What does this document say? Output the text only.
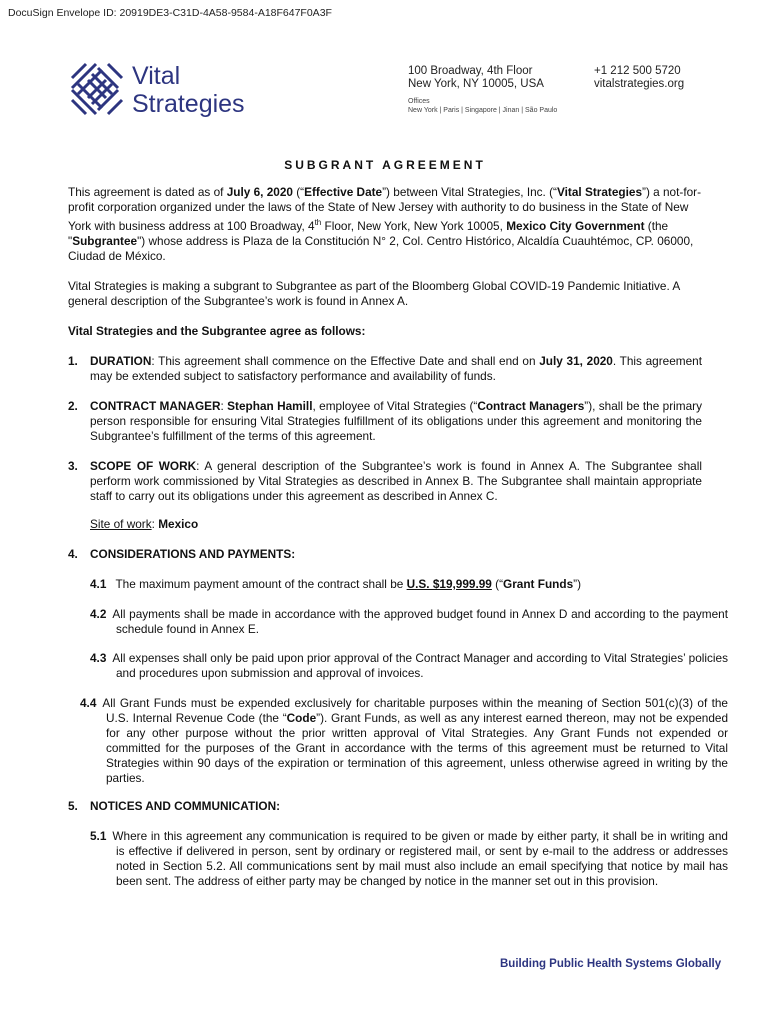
DocuSign Envelope ID: 20919DE3-C31D-4A58-9584-A18F647F0A3F
Vital
Strategies
100 Broadway, 4th Floor
New York, NY 10005, USA
+1 212 500 5720
vitalstrategies.org
Offices
New York | Paris | Singapore | Jinan | São Paulo
SUBGRANT AGREEMENT

This agreement is dated as of July 6, 2020 (“Effective Date”) between Vital Strategies, Inc. (“Vital Strategies”) a not-for-profit corporation organized under the laws of the State of New Jersey with authority to do business in the State of New York with business address at 100 Broadway, 4th Floor, New York, New York 10005, Mexico City Government (the "Subgrantee") whose address is Plaza de la Constitución N° 2, Col. Centro Histórico, Alcaldía Cuauhtémoc, CP. 06000, Ciudad de México.

Vital Strategies is making a subgrant to Subgrantee as part of the Bloomberg Global COVID-19 Pandemic Initiative. A general description of the Subgrantee’s work is found in Annex A.
Vital Strategies and the Subgrantee agree as follows:
1. DURATION: This agreement shall commence on the Effective Date and shall end on July 31, 2020. This agreement may be extended subject to satisfactory performance and availability of funds.
2. CONTRACT MANAGER: Stephan Hamill, employee of Vital Strategies (“Contract Managers”), shall be the primary person responsible for ensuring Vital Strategies fulfillment of its obligations under this agreement and monitoring the Subgrantee’s fulfillment of the terms of this agreement.
3. SCOPE OF WORK: A general description of the Subgrantee’s work is found in Annex A. The Subgrantee shall perform work commissioned by Vital Strategies as described in Annex B. The Subgrantee shall maintain appropriate staff to carry out its obligations under this agreement as described in Annex C.
Site of work: Mexico
4. CONSIDERATIONS AND PAYMENTS:
4.1 The maximum payment amount of the contract shall be U.S. $19,999.99 (“Grant Funds”)
4.2 All payments shall be made in accordance with the approved budget found in Annex D and according to the payment schedule found in Annex E.
4.3 All expenses shall only be paid upon prior approval of the Contract Manager and according to Vital Strategies’ policies and procedures upon submission and approval of invoices.
4.4 All Grant Funds must be expended exclusively for charitable purposes within the meaning of Section 501(c)(3) of the U.S. Internal Revenue Code (the “Code”). Grant Funds, as well as any interest earned thereon, may not be expended for any other purpose without the prior written approval of Vital Strategies. Any Grant Funds not expended or committed for the purposes of the Grant in accordance with the terms of this agreement must be returned to Vital Strategies within 90 days of the expiration or termination of this agreement, unless otherwise agreed in writing by the parties.
5. NOTICES AND COMMUNICATION:
5.1 Where in this agreement any communication is required to be given or made by either party, it shall be in writing and is effective if delivered in person, sent by ordinary or registered mail, or sent by e-mail to the address or addresses noted in Section 5.2. All communications sent by mail must also include an email specifying that notice by mail has been sent. The address of either party may be changed by notice in the manner set out in this provision.
Building Public Health Systems Globally
